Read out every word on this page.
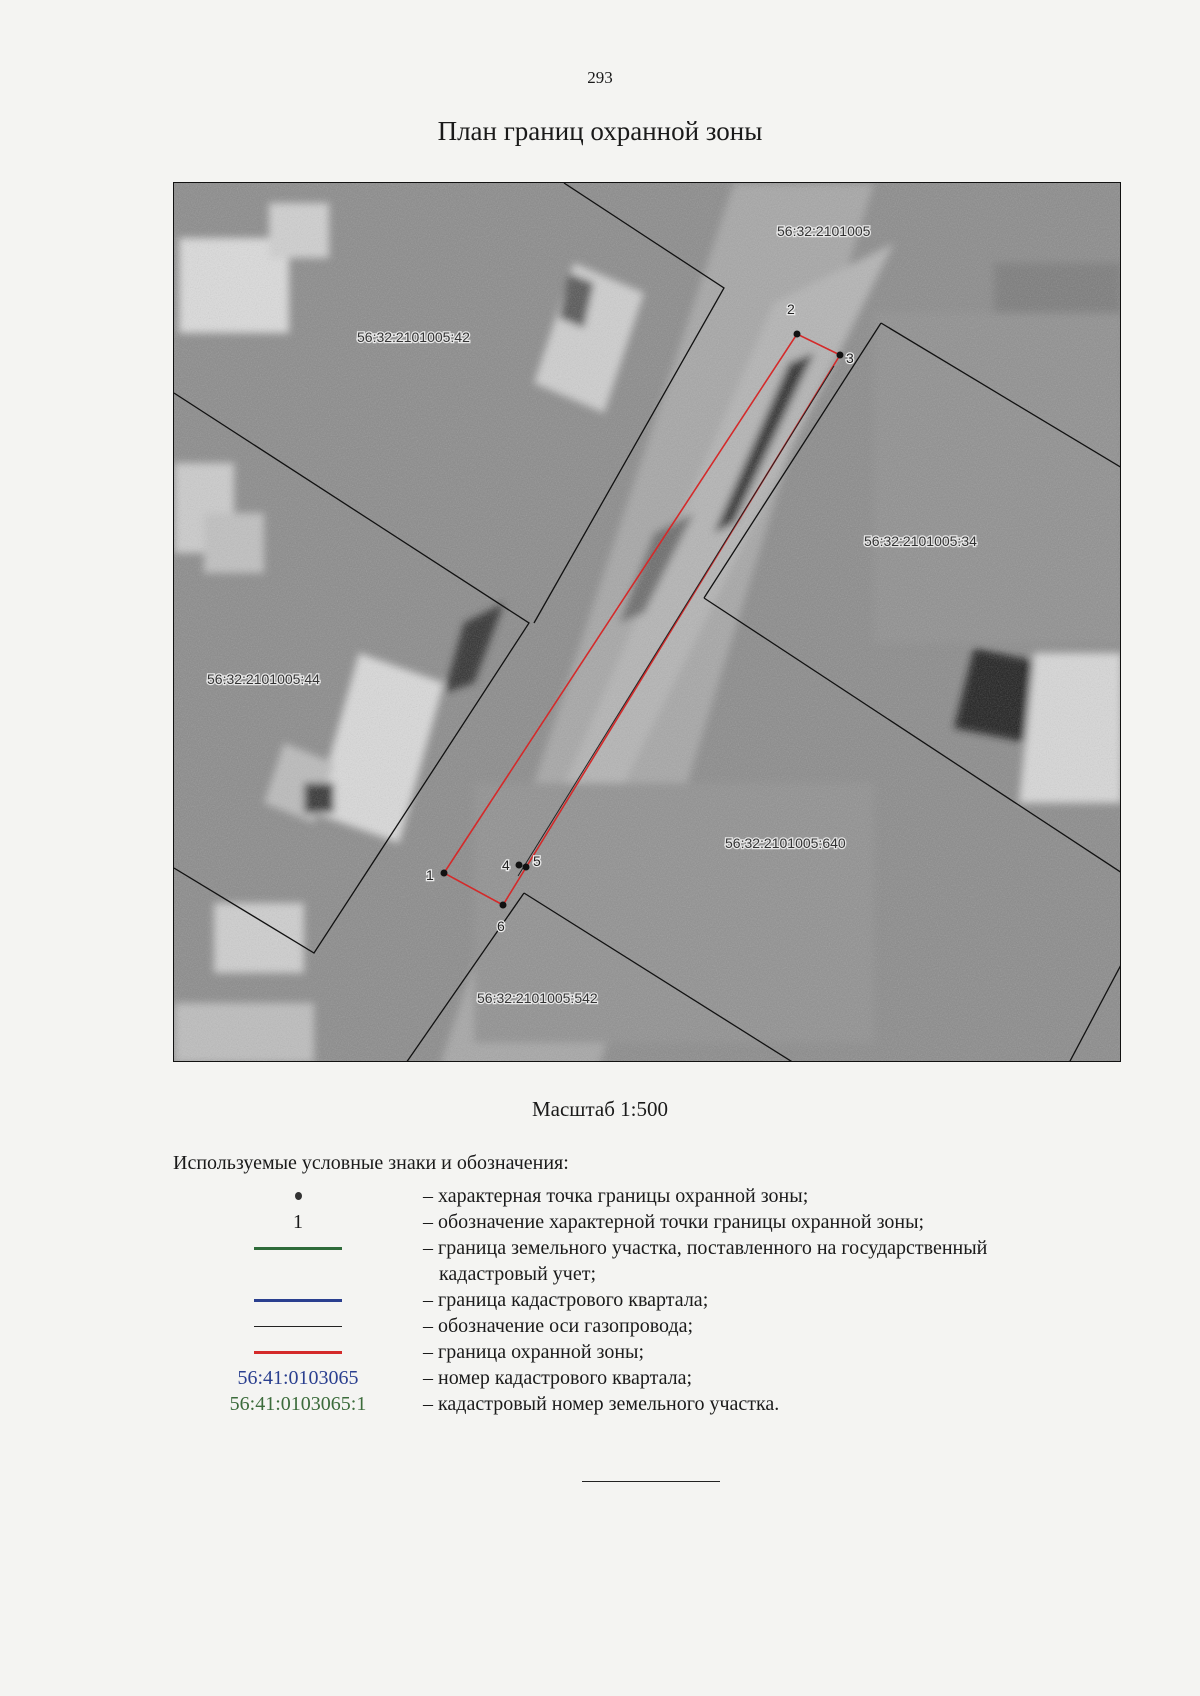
293
План границ охранной зоны
1
2
3
4 5
6
56:32:2101005
56:32:2101005:42
56:32:2101005:34
56:32:2101005:44
56:32:2101005:640
56:32:2101005:542
Масштаб 1:500
Используемые условные знаки и обозначения:
– характерная точка границы охранной зоны;
1	– обозначение характерной точки границы охранной зоны;
– граница земельного участка, поставленного на государственный
кадастровый учет;
– граница кадастрового квартала;
– обозначение оси газопровода;
– граница охранной зоны;
56:41:0103065	– номер кадастрового квартала;
56:41:0103065:1	– кадастровый номер земельного участка.
